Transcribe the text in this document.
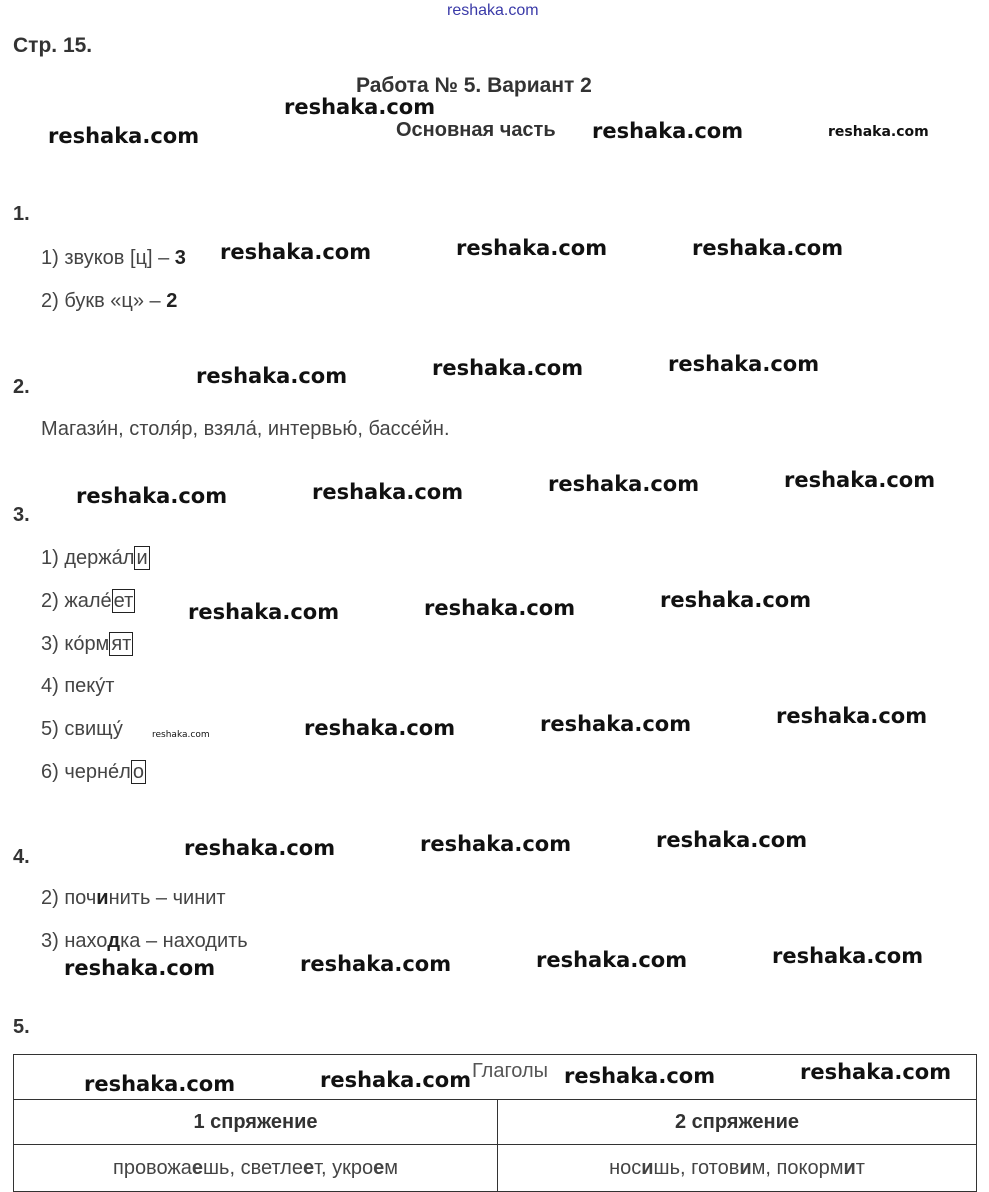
reshaka.com
Стр. 15.
Работа № 5. Вариант 2
Основная часть
1.
1) звуков [ц] – 3
2) букв «ц» – 2
2.
Магази́н, столя́р, взяла́, интервью́, бассе́йн.
3.
1) держа́л и
2) жале́ ет
3) ко́рм ят
4) пеку́т
5) свищу́
6) черне́л о
4.
2) починить – чинит
3) находка – находить
5.
Глаголы	
1 спряжение	2 спряжение
провожаешь, светлеет, укроем	носишь, готовим, покормит
reshaka.com
reshaka.com	reshaka.com	reshaka.com
reshaka.com	reshaka.com	reshaka.com
reshaka.com	reshaka.com	reshaka.com
reshaka.com	reshaka.com	reshaka.com	reshaka.com
reshaka.com	reshaka.com	reshaka.com
reshaka.com	reshaka.com	reshaka.com	reshaka.com
reshaka.com	reshaka.com	reshaka.com
reshaka.com	reshaka.com	reshaka.com	reshaka.com
reshaka.com	reshaka.com	reshaka.com	reshaka.com
